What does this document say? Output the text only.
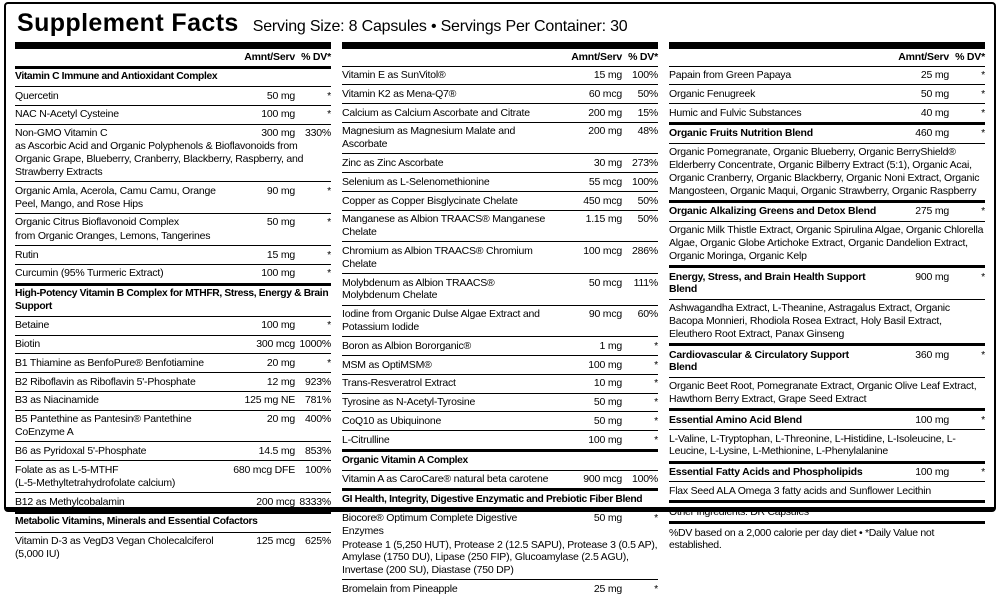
Supplement Facts Serving Size: 8 Capsules • Servings Per Container: 30
Amnt/Serv % DV*
Vitamin C Immune and Antioxidant Complex
Quercetin	50 mg	*
NAC N-Acetyl Cysteine	100 mg	*
Non-GMO Vitamin C	300 mg 330%
as Ascorbic Acid and Organic Polyphenols & Bioflavonoids from Organic Grape, Blueberry, Cranberry, Blackberry, Raspberry, and Strawberry Extracts
Organic Amla, Acerola, Camu Camu, Orange Peel, Mango, and Rose Hips
90 mg	*
Organic Citrus Bioflavonoid Complex	50 mg	*
from Organic Oranges, Lemons, Tangerines
Rutin	15 mg	*
Curcumin (95% Turmeric Extract)	100 mg	*
High-Potency Vitamin B Complex for MTHFR, Stress, Energy & Brain Support
Betaine	100 mg	*
Biotin	300 mcg 1000%
B1 Thiamine as BenfoPure® Benfotiamine	20 mg	*
B2 Riboflavin as Riboflavin 5'-Phosphate	12 mg 923%
B3 as Niacinamide	125 mg NE 781%
B5 Pantethine as Pantesin® Pantethine CoEnzyme A
20 mg 400%
B6 as Pyridoxal 5'-Phosphate	14.5 mg 853%
Folate as as L-5-MTHF	680 mcg DFE 100%
(L-5-Methyltetrahydrofolate calcium)
B12 as Methylcobalamin	200 mcg 8333%
Metabolic Vitamins, Minerals and Essential Cofactors
Vitamin D-3 as VegD3 Vegan Cholecalciferol (5,000 IU)
125 mcg 625%
Amnt/Serv % DV*
Vitamin E as SunVitol®	15 mg 100%
Vitamin K2 as Mena-Q7®	60 mcg	50%
Calcium as Calcium Ascorbate and Citrate	200 mg	15%
Magnesium as Magnesium Malate and Ascorbate
200 mg	48%
Zinc as Zinc Ascorbate	30 mg 273%
Selenium as L-Selenomethionine	55 mcg 100%
Copper as Copper Bisglycinate Chelate	450 mcg	50%
Manganese as Albion TRAACS® Manganese Chelate
1.15 mg	50%
Chromium as Albion TRAACS® Chromium Chelate
100 mcg 286%
Molybdenum as Albion TRAACS® Molybdenum Chelate
50 mcg	111%
Iodine from Organic Dulse Algae Extract and Potassium Iodide
90 mcg	60%
Boron as Albion Bororganic®	1 mg	*
MSM as OptiMSM®	100 mg	*
Trans-Resveratrol Extract	10 mg	*
Tyrosine as N-Acetyl-Tyrosine	50 mg	*
CoQ10 as Ubiquinone	50 mg	*
L-Citrulline	100 mg	*
Organic Vitamin A Complex
Vitamin A as CaroCare® natural beta carotene	900 mcg 100%
GI Health, Integrity, Digestive Enzymatic and Prebiotic Fiber Blend
Biocore® Optimum Complete Digestive Enzymes
50 mg	*
Protease 1 (5,250 HUT), Protease 2 (12.5 SAPU), Protease 3 (0.5 AP), Amylase (1750 DU), Lipase (250 FIP), Glucoamylase (2.5 AGU), Invertase (200 SU), Diastase (750 DP)
Bromelain from Pineapple	25 mg	*
Amnt/Serv % DV*
Papain from Green Papaya	25 mg	*
Organic Fenugreek	50 mg	*
Humic and Fulvic Substances	40 mg	*
Organic Fruits Nutrition Blend	460 mg	*
Organic Pomegranate, Organic Blueberry, Organic BerryShield® Elderberry Concentrate, Organic Bilberry Extract (5:1), Organic Acai, Organic Cranberry, Organic Blackberry, Organic Noni Extract, Organic Mangosteen, Organic Maqui, Organic Strawberry, Organic Raspberry
Organic Alkalizing Greens and Detox Blend	275 mg	*
Organic Milk Thistle Extract, Organic Spirulina Algae, Organic Chlorella Algae, Organic Globe Artichoke Extract, Organic Dandelion Extract, Organic Moringa, Organic Kelp
Energy, Stress, and Brain Health Support Blend
900 mg	*
Ashwagandha Extract, L-Theanine, Astragalus Extract, Organic Bacopa Monnieri, Rhodiola Rosea Extract, Holy Basil Extract, Eleuthero Root Extract, Panax Ginseng
Cardiovascular & Circulatory Support Blend
360 mg	*
Organic Beet Root, Pomegranate Extract, Organic Olive Leaf Extract, Hawthorn Berry Extract, Grape Seed Extract
Essential Amino Acid Blend	100 mg	*
L-Valine, L-Tryptophan, L-Threonine, L-Histidine, L-Isoleucine, L-Leucine, L-Lysine, L-Methionine, L-Phenylalanine
Essential Fatty Acids and Phospholipids	100 mg	*
Flax Seed ALA Omega 3 fatty acids and Sunflower Lecithin
Other Ingredients: DR Capsules
%DV based on a 2,000 calorie per day diet • *Daily Value not established.
